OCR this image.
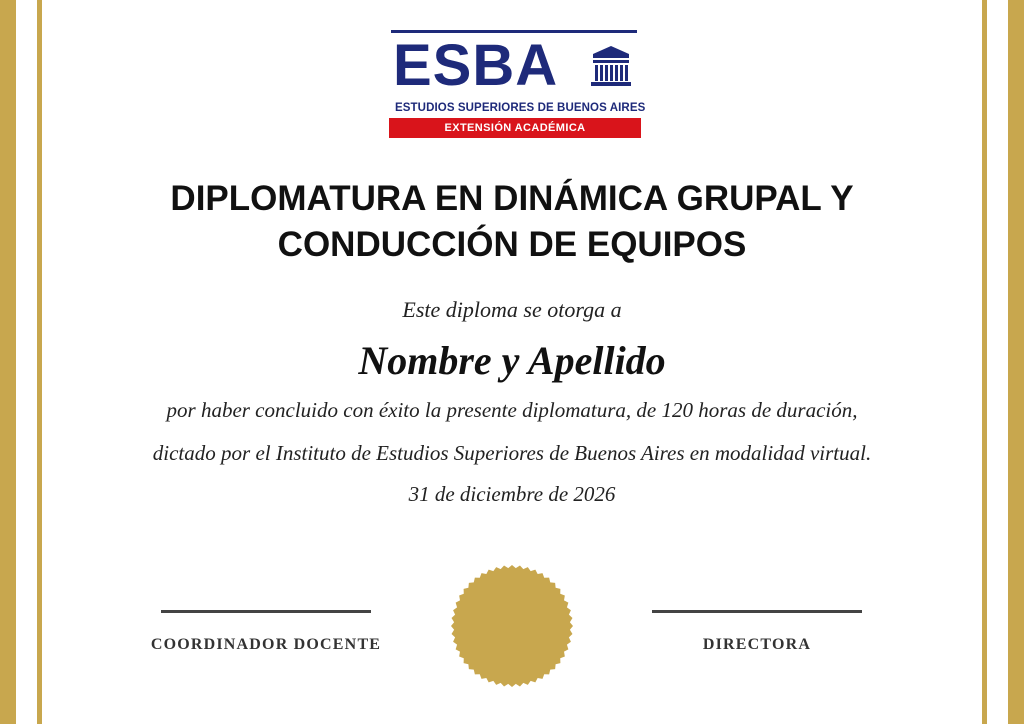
ESBA
ESTUDIOS SUPERIORES DE BUENOS AIRES
EXTENSIÓN ACADÉMICA
DIPLOMATURA EN DINÁMICA GRUPAL Y
CONDUCCIÓN DE EQUIPOS
Este diploma se otorga a
Nombre y Apellido
por haber concluido con éxito la presente diplomatura, de 120 horas de duración,
dictado por el Instituto de Estudios Superiores de Buenos Aires en modalidad virtual.
31 de diciembre de 2026
COORDINADOR DOCENTE	DIRECTORA
